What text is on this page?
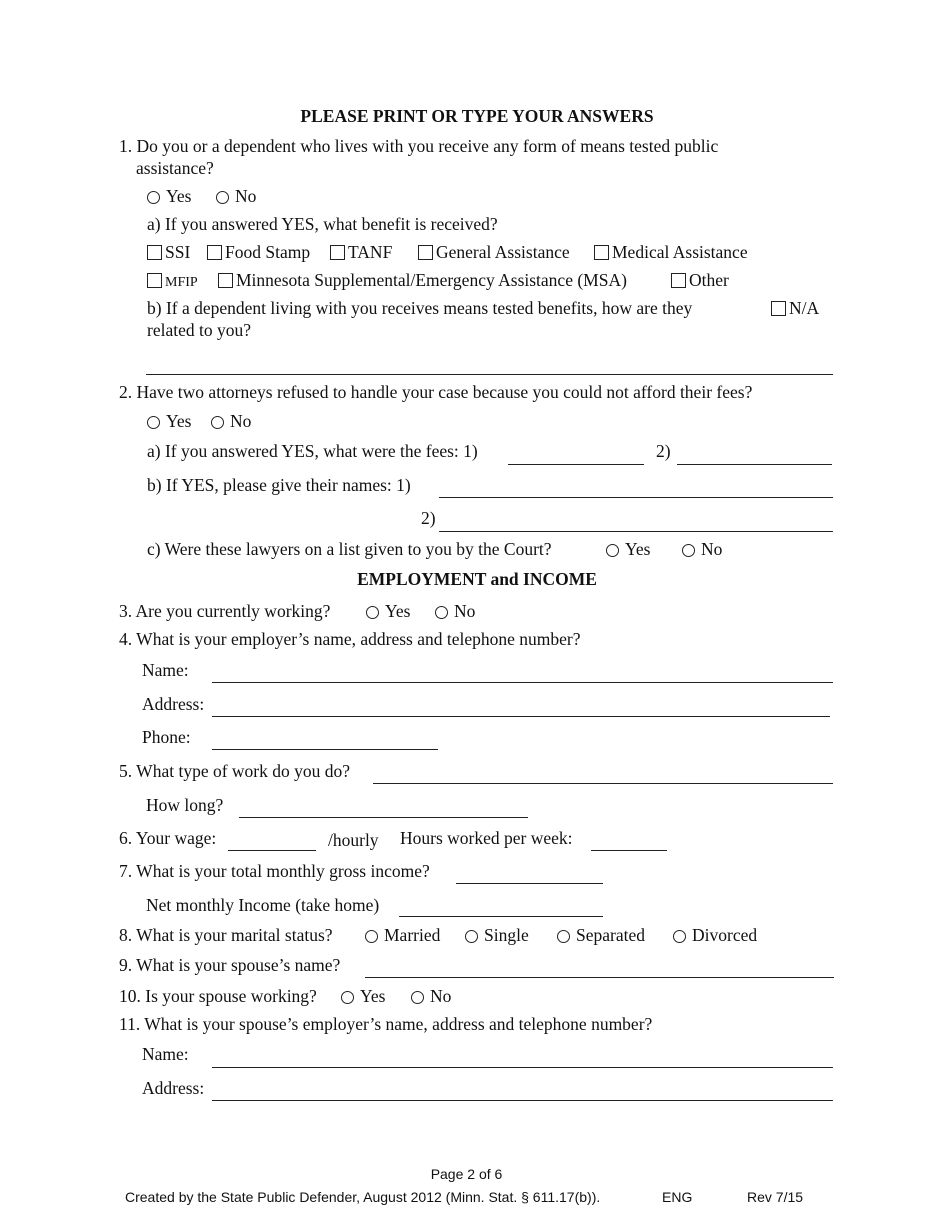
PLEASE PRINT OR TYPE YOUR ANSWERS
1. Do you or a dependent who lives with you receive any form of means tested public
assistance?
Yes	No
a) If you answered YES, what benefit is received?
SSI	Food Stamp	TANF	General Assistance	Medical Assistance
MFIP	Minnesota Supplemental/Emergency Assistance (MSA)	Other
b) If a dependent living with you receives means tested benefits, how are they	N/A
related to you?
2. Have two attorneys refused to handle your case because you could not afford their fees?
Yes	No
a) If you answered YES, what were the fees: 1)	2)
b) If YES, please give their names: 1)
2)
c) Were these lawyers on a list given to you by the Court?	Yes	No
EMPLOYMENT and INCOME
3. Are you currently working?	Yes	No
4. What is your employer’s name, address and telephone number?
Name:
Address:
Phone:
5. What type of work do you do?
How long?
6. Your wage:	/hourly Hours worked per week:
7. What is your total monthly gross income?
Net monthly Income (take home)
8. What is your marital status?	Married	Single	Separated	Divorced
9. What is your spouse’s name?
10. Is your spouse working?	Yes	No
11. What is your spouse’s employer’s name, address and telephone number?
Name:
Address:
Page 2 of 6
Created by the State Public Defender, August 2012 (Minn. Stat. § 611.17(b)).	ENG	Rev 7/15
